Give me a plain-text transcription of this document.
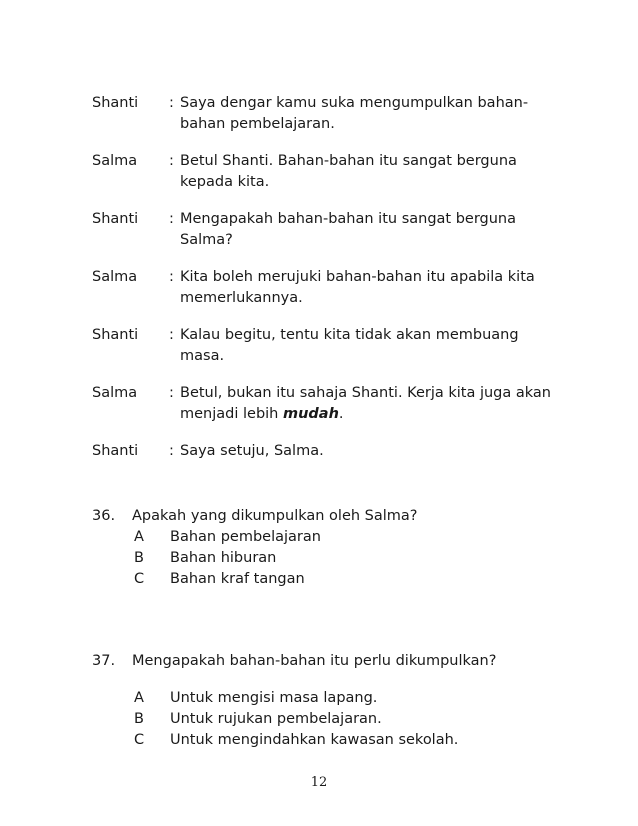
Shanti	: Saya dengar kamu suka mengumpulkan bahan-
bahan pembelajaran.
Salma	: Betul Shanti. Bahan-bahan itu sangat berguna
kepada kita.
Shanti	: Mengapakah bahan-bahan itu sangat berguna
Salma?
Salma	: Kita boleh merujuki bahan-bahan itu apabila kita
memerlukannya.
Shanti	: Kalau begitu, tentu kita tidak akan membuang
masa.
Salma	: Betul, bukan itu sahaja Shanti. Kerja kita juga akan
menjadi lebih mudah.
Shanti	: Saya setuju, Salma.
36.	Apakah yang dikumpulkan oleh Salma?
A	Bahan pembelajaran
B	Bahan hiburan
C	Bahan kraf tangan
37.	Mengapakah bahan-bahan itu perlu dikumpulkan?
A	Untuk mengisi masa lapang.
B	Untuk rujukan pembelajaran.
C	Untuk mengindahkan kawasan sekolah.
12
